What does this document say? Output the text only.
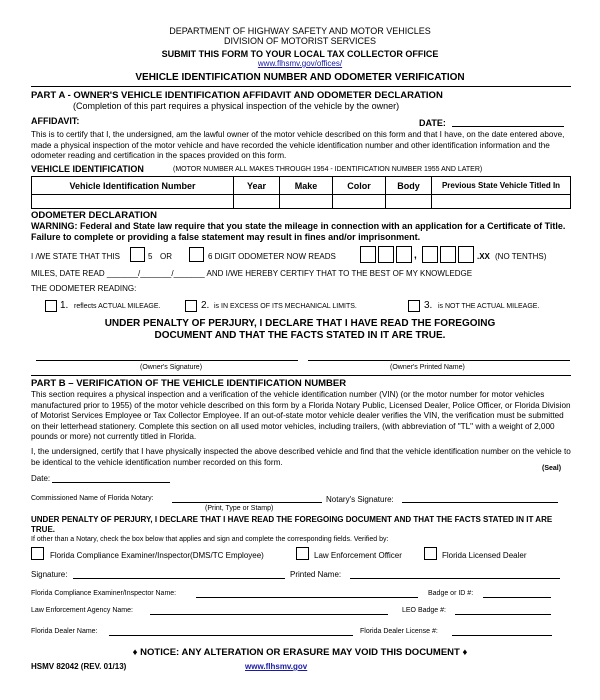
DEPARTMENT OF HIGHWAY SAFETY AND MOTOR VEHICLES
DIVISION OF MOTORIST SERVICES
SUBMIT THIS FORM TO YOUR LOCAL TAX COLLECTOR OFFICE
www.flhsmv.gov/offices/
VEHICLE IDENTIFICATION NUMBER AND ODOMETER VERIFICATION
PART A - OWNER'S VEHICLE IDENTIFICATION AFFIDAVIT AND ODOMETER DECLARATION
(Completion of this part requires a physical inspection of the vehicle by the owner)
AFFIDAVIT:	DATE:
This is to certify that I, the undersigned, am the lawful owner of the motor vehicle described on this form and that I have, on the date entered above, made a physical inspection of the motor vehicle and have recorded the vehicle identification number and other identification information and the odometer reading and certification in the spaces provided on this form.
VEHICLE IDENTIFICATION	(MOTOR NUMBER ALL MAKES THROUGH 1954 - IDENTIFICATION NUMBER 1955 AND LATER)
Vehicle Identification Number	Year	Make	Color	Body	Previous State Vehicle Titled In

ODOMETER DECLARATION
WARNING: Federal and State law require that you state the mileage in connection with an application for a Certificate of Title. Failure to complete or providing a false statement may result in fines and/or imprisonment.
I /WE STATE THAT THIS	5 OR	6 DIGIT ODOMETER NOW READS	,	.XX (NO TENTHS)
MILES, DATE READ _______/_______/_______ AND I/WE HEREBY CERTIFY THAT TO THE BEST OF MY KNOWLEDGE
THE ODOMETER READING:
1. reflects ACTUAL MILEAGE.	2. is IN EXCESS OF ITS MECHANICAL LIMITS.	3. is NOT THE ACTUAL MILEAGE.
UNDER PENALTY OF PERJURY, I DECLARE THAT I HAVE READ THE FOREGOING DOCUMENT AND THAT THE FACTS STATED IN IT ARE TRUE.
(Owner's Signature)	(Owner's Printed Name)
PART B – VERIFICATION OF THE VEHICLE IDENTIFICATION NUMBER
This section requires a physical inspection and a verification of the vehicle identification number (VIN) (or the motor number for motor vehicles manufactured prior to 1955) of the motor vehicle described on this form by a Florida Notary Public, Licensed Dealer, Police Officer, or Florida Division of Motorist Services Employee or Tax Collector Employee. If an out-of-state motor vehicle dealer verifies the VIN, the verification must be submitted on their letterhead stationery. Complete this section on all used motor vehicles, including trailers, (with abbreviation of "TL" with a weight of 2,000 pounds or more) not currently titled in Florida.
I, the undersigned, certify that I have physically inspected the above described vehicle and find that the vehicle identification number on the vehicle to be identical to the vehicle identification number recorded on this form.
(Seal)
Date:
Commissioned Name of Florida Notary:
(Print, Type or Stamp)
Notary's Signature:
UNDER PENALTY OF PERJURY, I DECLARE THAT I HAVE READ THE FOREGOING DOCUMENT AND THAT THE FACTS STATED IN IT ARE TRUE.
If other than a Notary, check the box below that applies and sign and complete the corresponding fields. Verified by:
Florida Compliance Examiner/Inspector(DMS/TC Employee)	Law Enforcement Officer	Florida Licensed Dealer
Signature:	Printed Name:
Florida Compliance Examiner/Inspector Name:	Badge or ID #:
Law Enforcement Agency Name:	LEO Badge #:
Florida Dealer Name:	Florida Dealer License #:
♦ NOTICE: ANY ALTERATION OR ERASURE MAY VOID THIS DOCUMENT ♦
HSMV 82042 (REV. 01/13)	www.flhsmv.gov
